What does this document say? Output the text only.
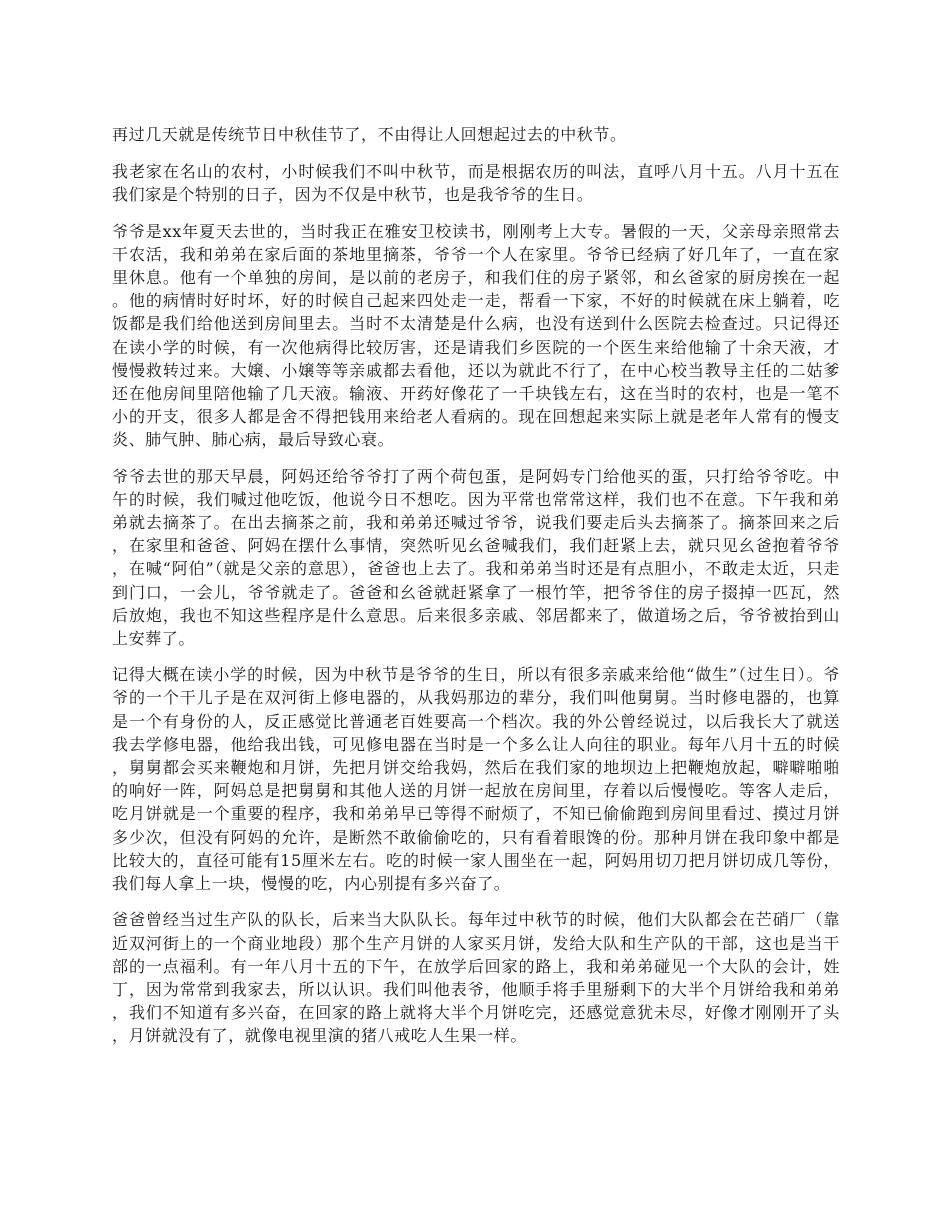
再过几天就是传统节日中秋佳节了，不由得让人回想起过去的中秋节。

我老家在名山的农村，小时候我们不叫中秋节，而是根据农历的叫法，直呼八月十五。八月十五在我们家是个特别的日子，因为不仅是中秋节，也是我爷爷的生日。

爷爷是xx年夏天去世的，当时我正在雅安卫校读书，刚刚考上大专。暑假的一天，父亲母亲照常去干农活，我和弟弟在家后面的茶地里摘茶，爷爷一个人在家里。爷爷已经病了好几年了，一直在家里休息。他有一个单独的房间，是以前的老房子，和我们住的房子紧邻，和幺爸家的厨房挨在一起。他的病情时好时坏，好的时候自己起来四处走一走，帮看一下家，不好的时候就在床上躺着，吃饭都是我们给他送到房间里去。当时不太清楚是什么病，也没有送到什么医院去检查过。只记得还在读小学的时候，有一次他病得比较厉害，还是请我们乡医院的一个医生来给他输了十余天液，才慢慢救转过来。大嬢、小嬢等等亲戚都去看他，还以为就此不行了，在中心校当教导主任的二姑爹还在他房间里陪他输了几天液。输液、开药好像花了一千块钱左右，这在当时的农村，也是一笔不小的开支，很多人都是舍不得把钱用来给老人看病的。现在回想起来实际上就是老年人常有的慢支炎、肺气肿、肺心病，最后导致心衰。

爷爷去世的那天早晨，阿妈还给爷爷打了两个荷包蛋，是阿妈专门给他买的蛋，只打给爷爷吃。中午的时候，我们喊过他吃饭，他说今日不想吃。因为平常也常常这样，我们也不在意。下午我和弟弟就去摘茶了。在出去摘茶之前，我和弟弟还喊过爷爷，说我们要走后头去摘茶了。摘茶回来之后，在家里和爸爸、阿妈在摆什么事情，突然听见幺爸喊我们，我们赶紧上去，就只见幺爸抱着爷爷，在喊“阿伯”（就是父亲的意思），爸爸也上去了。我和弟弟当时还是有点胆小，不敢走太近，只走到门口，一会儿，爷爷就走了。爸爸和幺爸就赶紧拿了一根竹竿，把爷爷住的房子掇掉一匹瓦，然后放炮，我也不知这些程序是什么意思。后来很多亲戚、邻居都来了，做道场之后，爷爷被抬到山上安葬了。

记得大概在读小学的时候，因为中秋节是爷爷的生日，所以有很多亲戚来给他“做生”（过生日）。爷爷的一个干儿子是在双河街上修电器的，从我妈那边的辈分，我们叫他舅舅。当时修电器的，也算是一个有身份的人，反正感觉比普通老百姓要高一个档次。我的外公曾经说过，以后我长大了就送我去学修电器，他给我出钱，可见修电器在当时是一个多么让人向往的职业。每年八月十五的时候，舅舅都会买来鞭炮和月饼，先把月饼交给我妈，然后在我们家的地坝边上把鞭炮放起，噼噼啪啪的响好一阵，阿妈总是把舅舅和其他人送的月饼一起放在房间里，存着以后慢慢吃。等客人走后，吃月饼就是一个重要的程序，我和弟弟早已等得不耐烦了，不知已偷偷跑到房间里看过、摸过月饼多少次，但没有阿妈的允许，是断然不敢偷偷吃的，只有看着眼馋的份。那种月饼在我印象中都是比较大的，直径可能有15厘米左右。吃的时候一家人围坐在一起，阿妈用切刀把月饼切成几等份，我们每人拿上一块，慢慢的吃，内心别提有多兴奋了。

爸爸曾经当过生产队的队长，后来当大队队长。每年过中秋节的时候，他们大队都会在芒硝厂（靠近双河街上的一个商业地段）那个生产月饼的人家买月饼，发给大队和生产队的干部，这也是当干部的一点福利。有一年八月十五的下午，在放学后回家的路上，我和弟弟碰见一个大队的会计，姓丁，因为常常到我家去，所以认识。我们叫他表爷，他顺手将手里掰剩下的大半个月饼给我和弟弟，我们不知道有多兴奋，在回家的路上就将大半个月饼吃完，还感觉意犹未尽，好像才刚刚开了头，月饼就没有了，就像电视里演的猪八戒吃人生果一样。
